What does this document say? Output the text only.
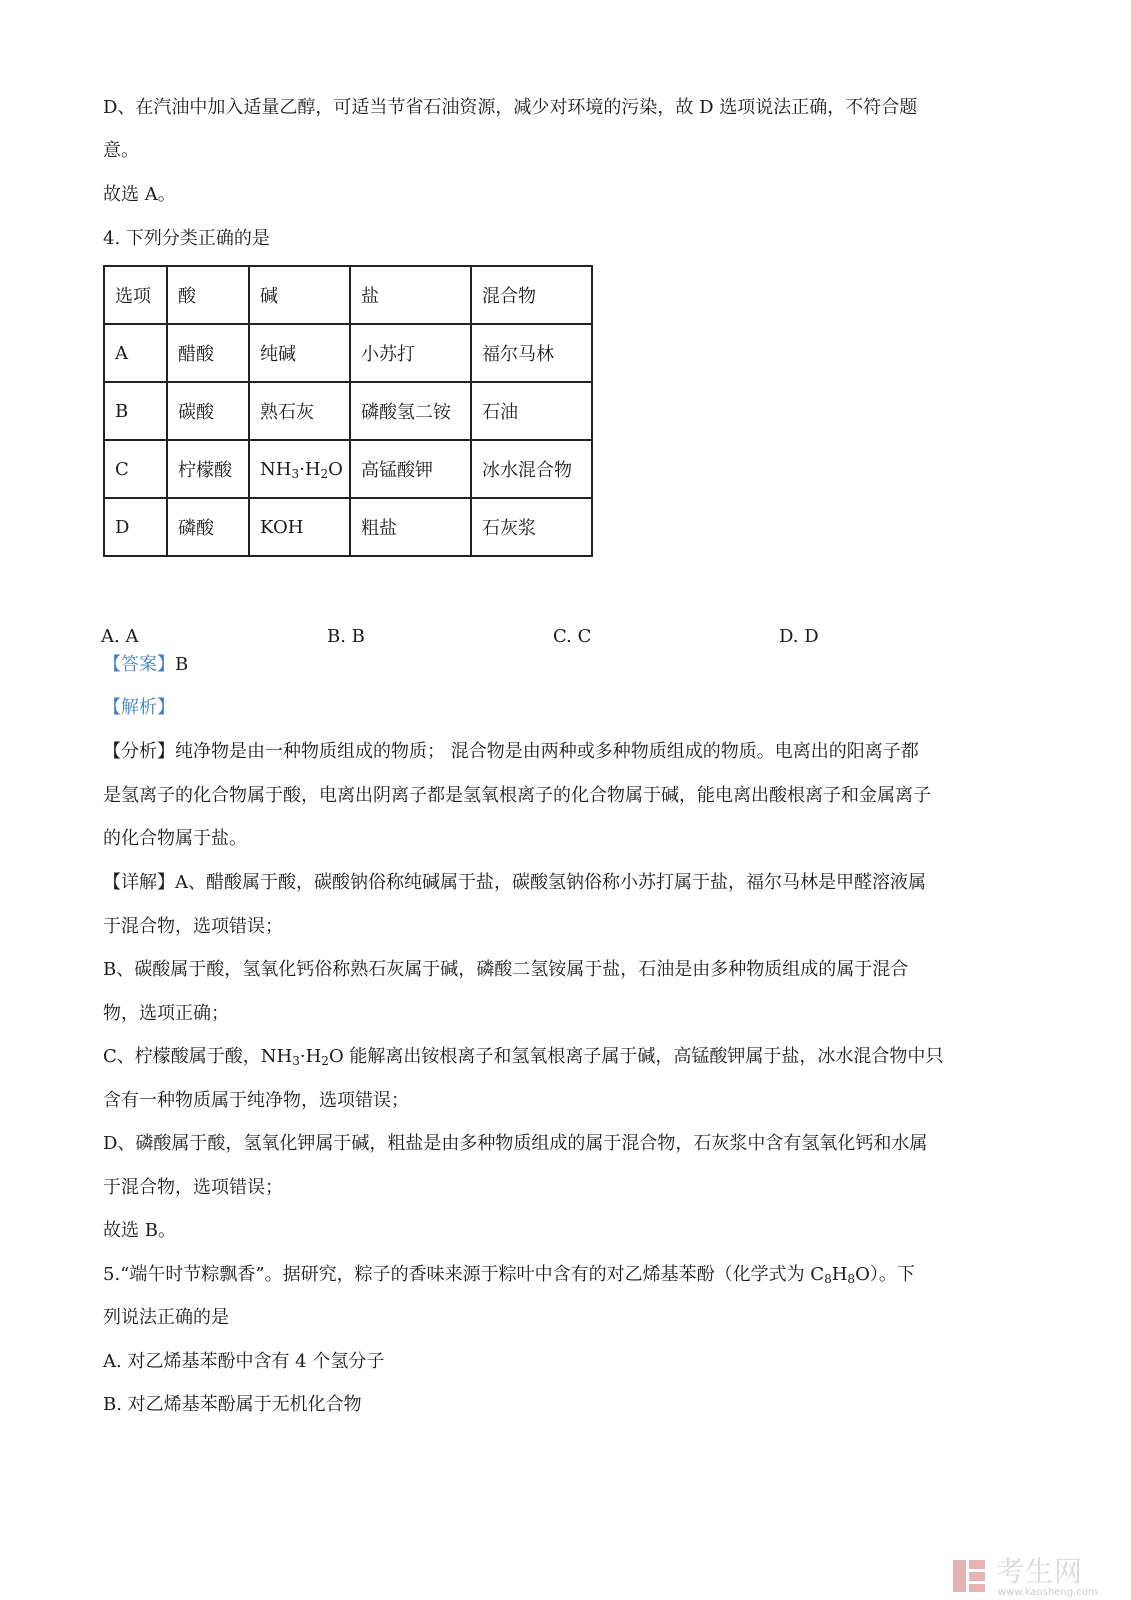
D、在汽油中加入适量乙醇，可适当节省石油资源，减少对环境的污染，故 D 选项说法正确，不符合题
意。
故选 A。
4. 下列分类正确的是
选项	酸	碱	盐	混合物
A	醋酸	纯碱	小苏打	福尔马林
B	碳酸	熟石灰	磷酸氢二铵	石油
C	柠檬酸	$NH_3\cdot H_2O$	高锰酸钾	冰水混合物
D	磷酸	KOH	粗盐	石灰浆
A. A	B. B	C. C	D. D
【答案】B
【解析】
【分析】纯净物是由一种物质组成的物质； 混合物是由两种或多种物质组成的物质。电离出的阳离子都
是氢离子的化合物属于酸，电离出阴离子都是氢氧根离子的化合物属于碱，能电离出酸根离子和金属离子
的化合物属于盐。
【详解】A、醋酸属于酸，碳酸钠俗称纯碱属于盐，碳酸氢钠俗称小苏打属于盐，福尔马林是甲醛溶液属
于混合物，选项错误；
B、碳酸属于酸，氢氧化钙俗称熟石灰属于碱，磷酸二氢铵属于盐，石油是由多种物质组成的属于混合
物，选项正确；
C、柠檬酸属于酸，$NH_3\cdot H_2O$ 能解离出铵根离子和氢氧根离子属于碱，高锰酸钾属于盐，冰水混合物中只
含有一种物质属于纯净物，选项错误；
D、磷酸属于酸，氢氧化钾属于碱，粗盐是由多种物质组成的属于混合物，石灰浆中含有氢氧化钙和水属
于混合物，选项错误；
故选 B。
5.“端午时节粽飘香”。据研究，粽子的香味来源于粽叶中含有的对乙烯基苯酚（化学式为 $C_8H_8O$）。下
列说法正确的是
A. 对乙烯基苯酚中含有 4 个氢分子
B. 对乙烯基苯酚属于无机化合物
考生网
www.kaosheng.com
